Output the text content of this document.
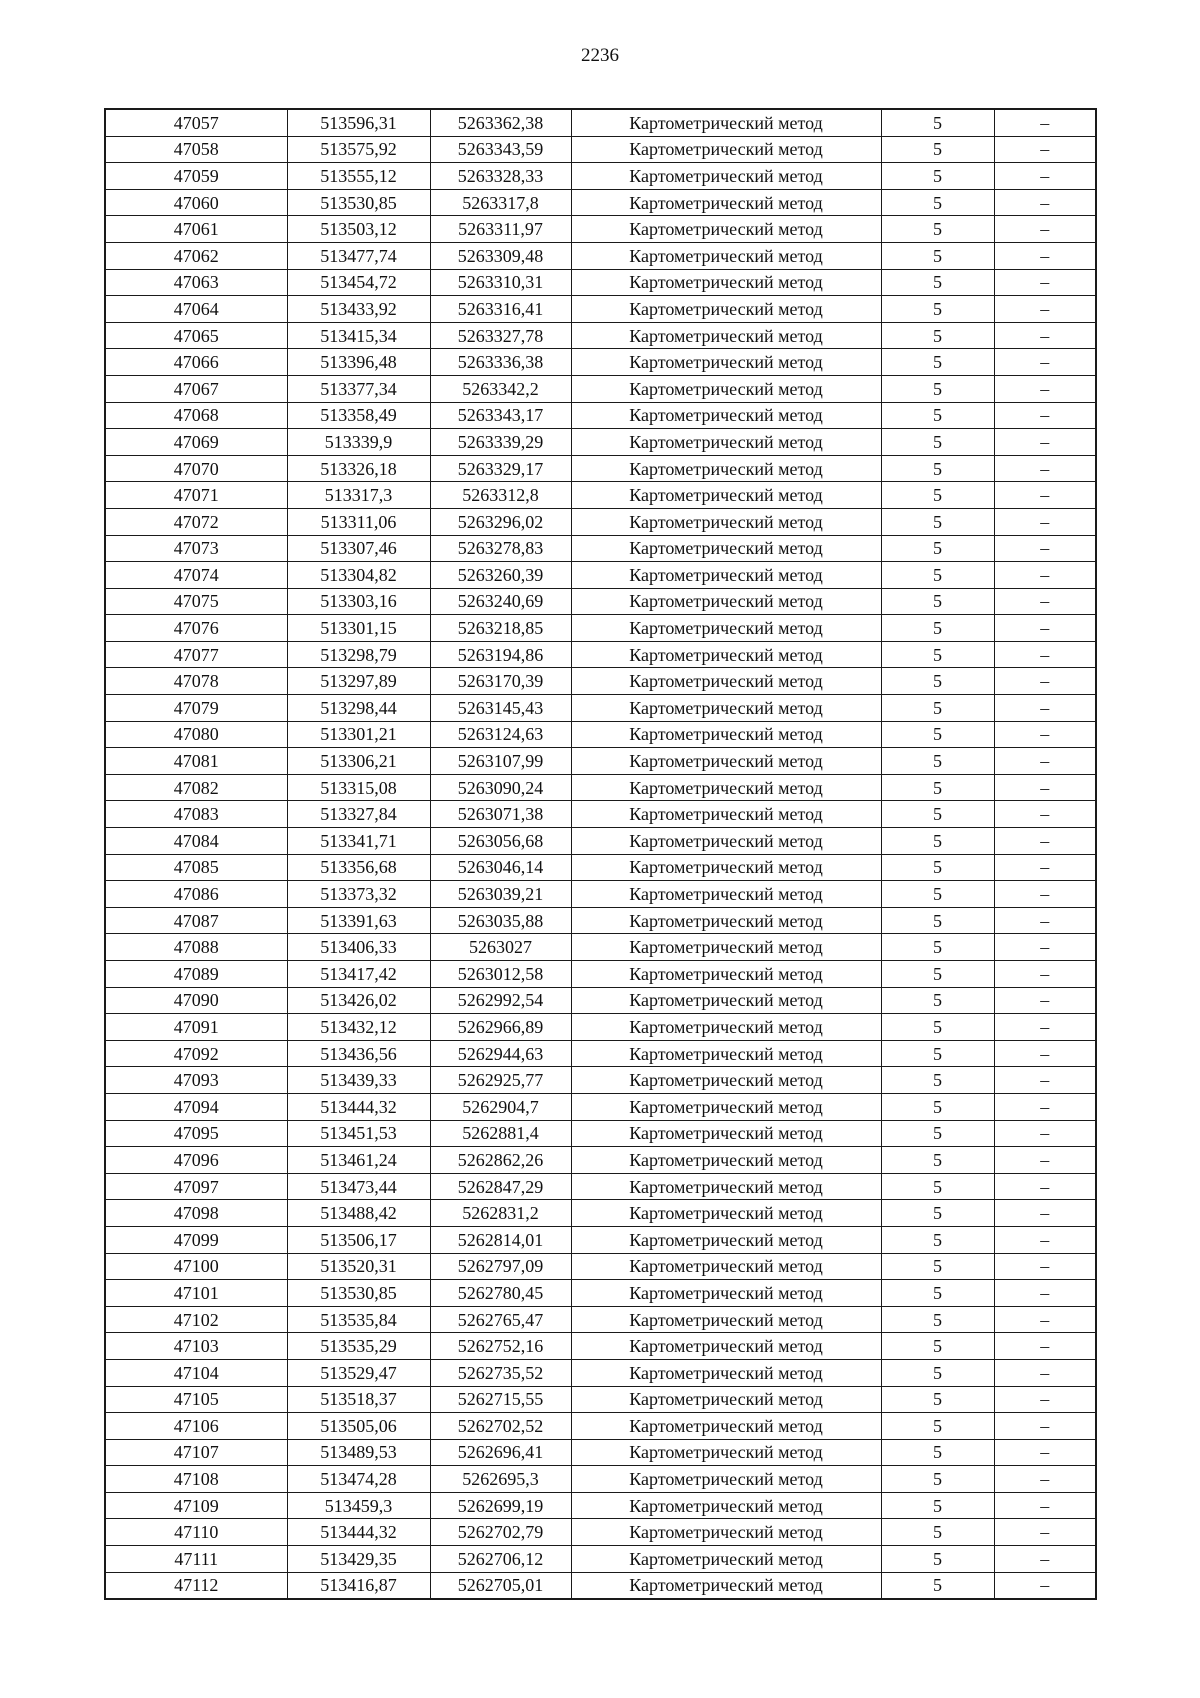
2236
47057	513596,31	5263362,38	Картометрический метод	5	–
47058	513575,92	5263343,59	Картометрический метод	5	–
47059	513555,12	5263328,33	Картометрический метод	5	–
47060	513530,85	5263317,8	Картометрический метод	5	–
47061	513503,12	5263311,97	Картометрический метод	5	–
47062	513477,74	5263309,48	Картометрический метод	5	–
47063	513454,72	5263310,31	Картометрический метод	5	–
47064	513433,92	5263316,41	Картометрический метод	5	–
47065	513415,34	5263327,78	Картометрический метод	5	–
47066	513396,48	5263336,38	Картометрический метод	5	–
47067	513377,34	5263342,2	Картометрический метод	5	–
47068	513358,49	5263343,17	Картометрический метод	5	–
47069	513339,9	5263339,29	Картометрический метод	5	–
47070	513326,18	5263329,17	Картометрический метод	5	–
47071	513317,3	5263312,8	Картометрический метод	5	–
47072	513311,06	5263296,02	Картометрический метод	5	–
47073	513307,46	5263278,83	Картометрический метод	5	–
47074	513304,82	5263260,39	Картометрический метод	5	–
47075	513303,16	5263240,69	Картометрический метод	5	–
47076	513301,15	5263218,85	Картометрический метод	5	–
47077	513298,79	5263194,86	Картометрический метод	5	–
47078	513297,89	5263170,39	Картометрический метод	5	–
47079	513298,44	5263145,43	Картометрический метод	5	–
47080	513301,21	5263124,63	Картометрический метод	5	–
47081	513306,21	5263107,99	Картометрический метод	5	–
47082	513315,08	5263090,24	Картометрический метод	5	–
47083	513327,84	5263071,38	Картометрический метод	5	–
47084	513341,71	5263056,68	Картометрический метод	5	–
47085	513356,68	5263046,14	Картометрический метод	5	–
47086	513373,32	5263039,21	Картометрический метод	5	–
47087	513391,63	5263035,88	Картометрический метод	5	–
47088	513406,33	5263027	Картометрический метод	5	–
47089	513417,42	5263012,58	Картометрический метод	5	–
47090	513426,02	5262992,54	Картометрический метод	5	–
47091	513432,12	5262966,89	Картометрический метод	5	–
47092	513436,56	5262944,63	Картометрический метод	5	–
47093	513439,33	5262925,77	Картометрический метод	5	–
47094	513444,32	5262904,7	Картометрический метод	5	–
47095	513451,53	5262881,4	Картометрический метод	5	–
47096	513461,24	5262862,26	Картометрический метод	5	–
47097	513473,44	5262847,29	Картометрический метод	5	–
47098	513488,42	5262831,2	Картометрический метод	5	–
47099	513506,17	5262814,01	Картометрический метод	5	–
47100	513520,31	5262797,09	Картометрический метод	5	–
47101	513530,85	5262780,45	Картометрический метод	5	–
47102	513535,84	5262765,47	Картометрический метод	5	–
47103	513535,29	5262752,16	Картометрический метод	5	–
47104	513529,47	5262735,52	Картометрический метод	5	–
47105	513518,37	5262715,55	Картометрический метод	5	–
47106	513505,06	5262702,52	Картометрический метод	5	–
47107	513489,53	5262696,41	Картометрический метод	5	–
47108	513474,28	5262695,3	Картометрический метод	5	–
47109	513459,3	5262699,19	Картометрический метод	5	–
47110	513444,32	5262702,79	Картометрический метод	5	–
47111	513429,35	5262706,12	Картометрический метод	5	–
47112	513416,87	5262705,01	Картометрический метод	5	–
